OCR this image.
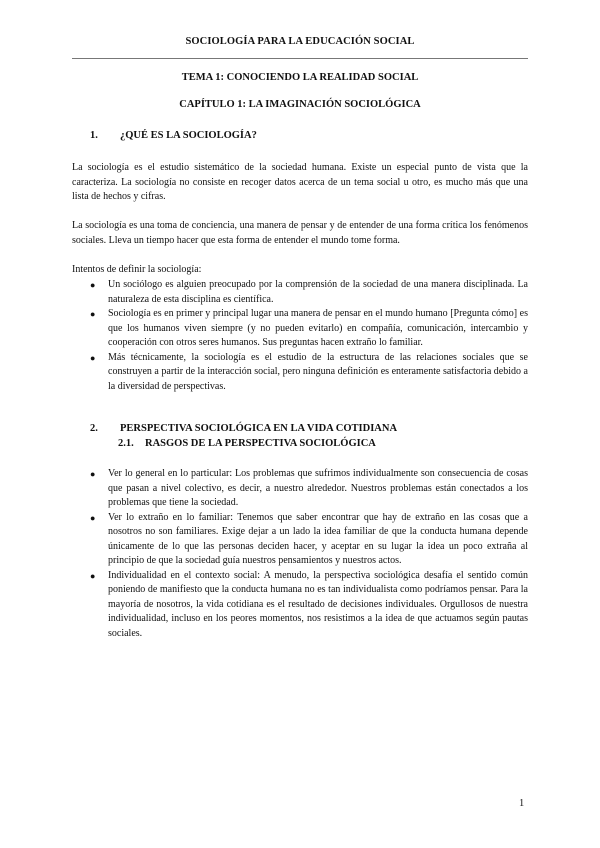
SOCIOLOGÍA PARA LA EDUCACIÓN SOCIAL
TEMA 1: CONOCIENDO LA REALIDAD SOCIAL
CAPÍTULO 1: LA IMAGINACIÓN SOCIOLÓGICA
1. ¿QUÉ ES LA SOCIOLOGÍA?
La sociología es el estudio sistemático de la sociedad humana. Existe un especial punto de vista que la caracteriza. La sociología no consiste en recoger datos acerca de un tema social u otro, es mucho más que una lista de hechos y cifras.
La sociología es una toma de conciencia, una manera de pensar y de entender de una forma crítica los fenómenos sociales. Lleva un tiempo hacer que esta forma de entender el mundo tome forma.
Intentos de definir la sociología:
●	Un sociólogo es alguien preocupado por la comprensión de la sociedad de una manera disciplinada. La naturaleza de esta disciplina es científica.
●	Sociología es en primer y principal lugar una manera de pensar en el mundo humano [Pregunta cómo] es que los humanos viven siempre (y no pueden evitarlo) en compañía, comunicación, intercambio y cooperación con otros seres humanos. Sus preguntas hacen extraño lo familiar.
●	Más técnicamente, la sociología es el estudio de la estructura de las relaciones sociales que se construyen a partir de la interacción social, pero ninguna definición es enteramente satisfactoria debido a la diversidad de perspectivas.
2. PERSPECTIVA SOCIOLÓGICA EN LA VIDA COTIDIANA
2.1. RASGOS DE LA PERSPECTIVA SOCIOLÓGICA
●	Ver lo general en lo particular: Los problemas que sufrimos individualmente son consecuencia de cosas que pasan a nivel colectivo, es decir, a nuestro alrededor. Nuestros problemas están conectados a los problemas que tiene la sociedad.
●	Ver lo extraño en lo familiar: Tenemos que saber encontrar que hay de extraño en las cosas que a nosotros no son familiares. Exige dejar a un lado la idea familiar de que la conducta humana depende únicamente de lo que las personas deciden hacer, y aceptar en su lugar la idea un poco extraña al principio de que la sociedad guía nuestros pensamientos y nuestros actos.
●	Individualidad en el contexto social: A menudo, la perspectiva sociológica desafía el sentido común poniendo de manifiesto que la conducta humana no es tan individualista como podríamos pensar. Para la mayoría de nosotros, la vida cotidiana es el resultado de decisiones individuales. Orgullosos de nuestra individualidad, incluso en los peores momentos, nos resistimos a la idea de que actuamos según pautas sociales.
1
